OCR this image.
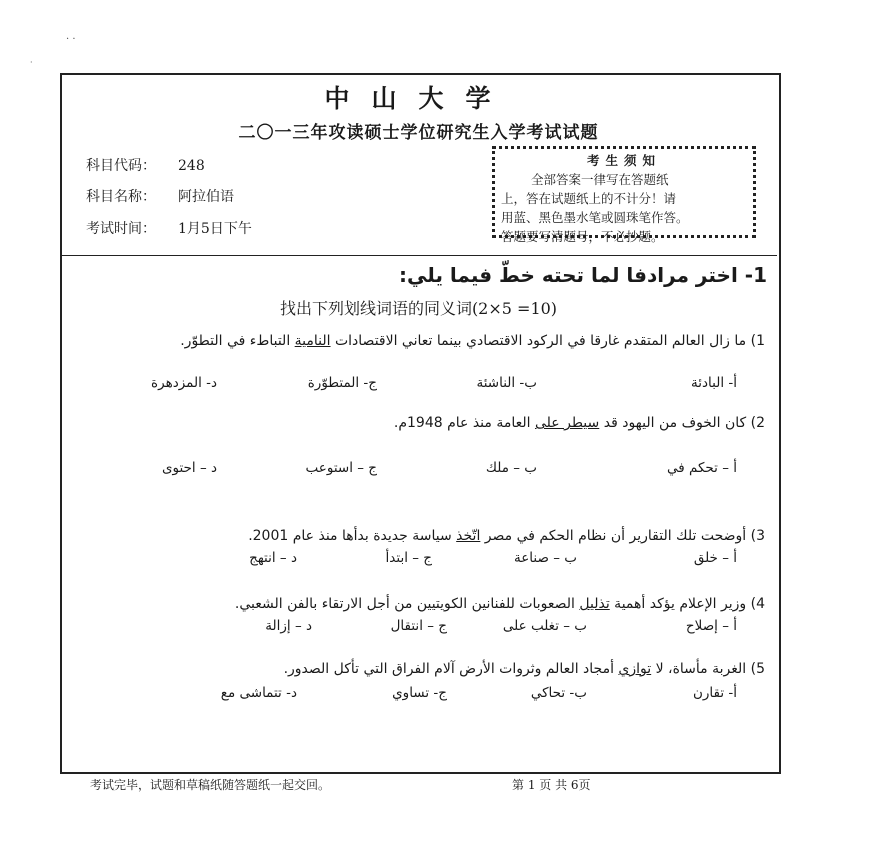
· ·
·
中山大学
二〇一三年攻读硕士学位研究生入学考试试题
科目代码： 248
科目名称： 阿拉伯语
考试时间： 1月5日下午
考生须知
全部答案一律写在答题纸
上，答在试题纸上的不计分！请
用蓝、黑色墨水笔或圆珠笔作答。
答题要写清题号，不必抄题。
1- اختر مرادفا لما تحته خطّ فيما يلي:
找出下列划线词语的同义词(2×5 =10)
1) ما زال العالم المتقدم غارقا في الركود الاقتصادي بينما تعاني الاقتصادات النامية التباطء في التطوّر.
أ- البادئة
ب- الناشئة
ج- المتطوّرة
د- المزدهرة
2) كان الخوف من اليهود قد سيطر على العامة منذ عام 1948م.
أ – تحكم في
ب – ملك
ج – استوعب
د – احتوى
3) أوضحت تلك التقارير أن نظام الحكم في مصر اتّخذ سياسة جديدة بدأها منذ عام 2001.
أ – خلق
ب – صناعة
ج – ابتدأ
د – انتهج
4) وزير الإعلام يؤكد أهمية تذليل الصعوبات للفنانين الكويتيين من أجل الارتقاء بالفن الشعبي.
أ – إصلاح
ب – تغلب على
ج – انتقال
د – إزالة
5) الغربة مأساة، لا توازي أمجاد العالم وثروات الأرض آلام الفراق التي تأكل الصدور.
أ- تقارن
ب- تحاكي
ج- تساوي
د- تتماشى مع
考试完毕，试题和草稿纸随答题纸一起交回。	第 1 页 共 6页
